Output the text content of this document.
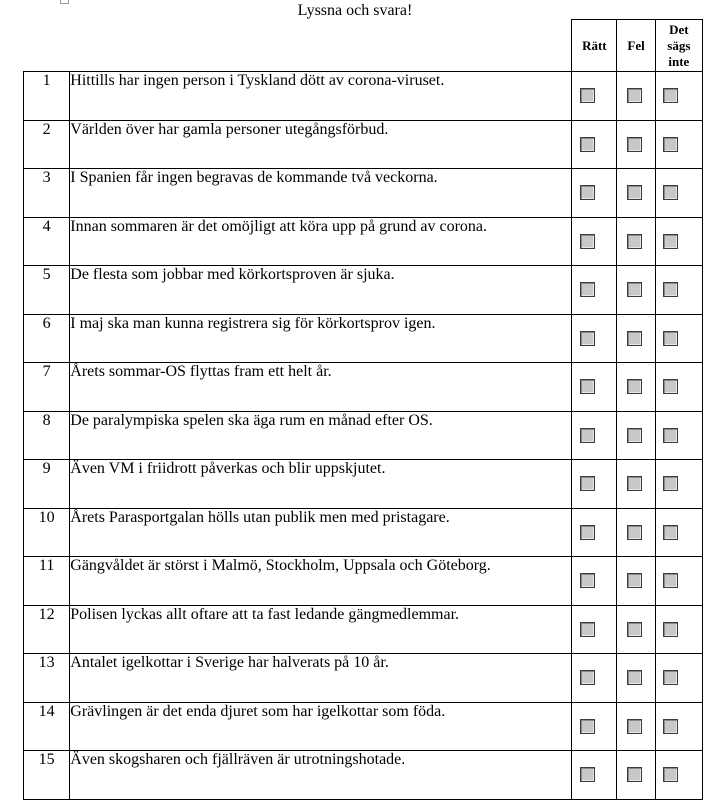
Lyssna och svara!
		Rätt	Fel	Det
sägs
inte
1	Hittills har ingen person i Tyskland dött av corona-viruset.	

2	Världen över har gamla personer utegångsförbud.	

3	I Spanien får ingen begravas de kommande två veckorna.	

4	Innan sommaren är det omöjligt att köra upp på grund av corona.	

5	De flesta som jobbar med körkortsproven är sjuka.	

6	I maj ska man kunna registrera sig för körkortsprov igen.	

7	Årets sommar-OS flyttas fram ett helt år.	

8	De paralympiska spelen ska äga rum en månad efter OS.	

9	Även VM i friidrott påverkas och blir uppskjutet.	

10	Årets Parasportgalan hölls utan publik men med pristagare.	

11	Gängvåldet är störst i Malmö, Stockholm, Uppsala och Göteborg.	

12	Polisen lyckas allt oftare att ta fast ledande gängmedlemmar.	

13	Antalet igelkottar i Sverige har halverats på 10 år.	

14	Grävlingen är det enda djuret som har igelkottar som föda.	

15	Även skogsharen och fjällräven är utrotningshotade.	
